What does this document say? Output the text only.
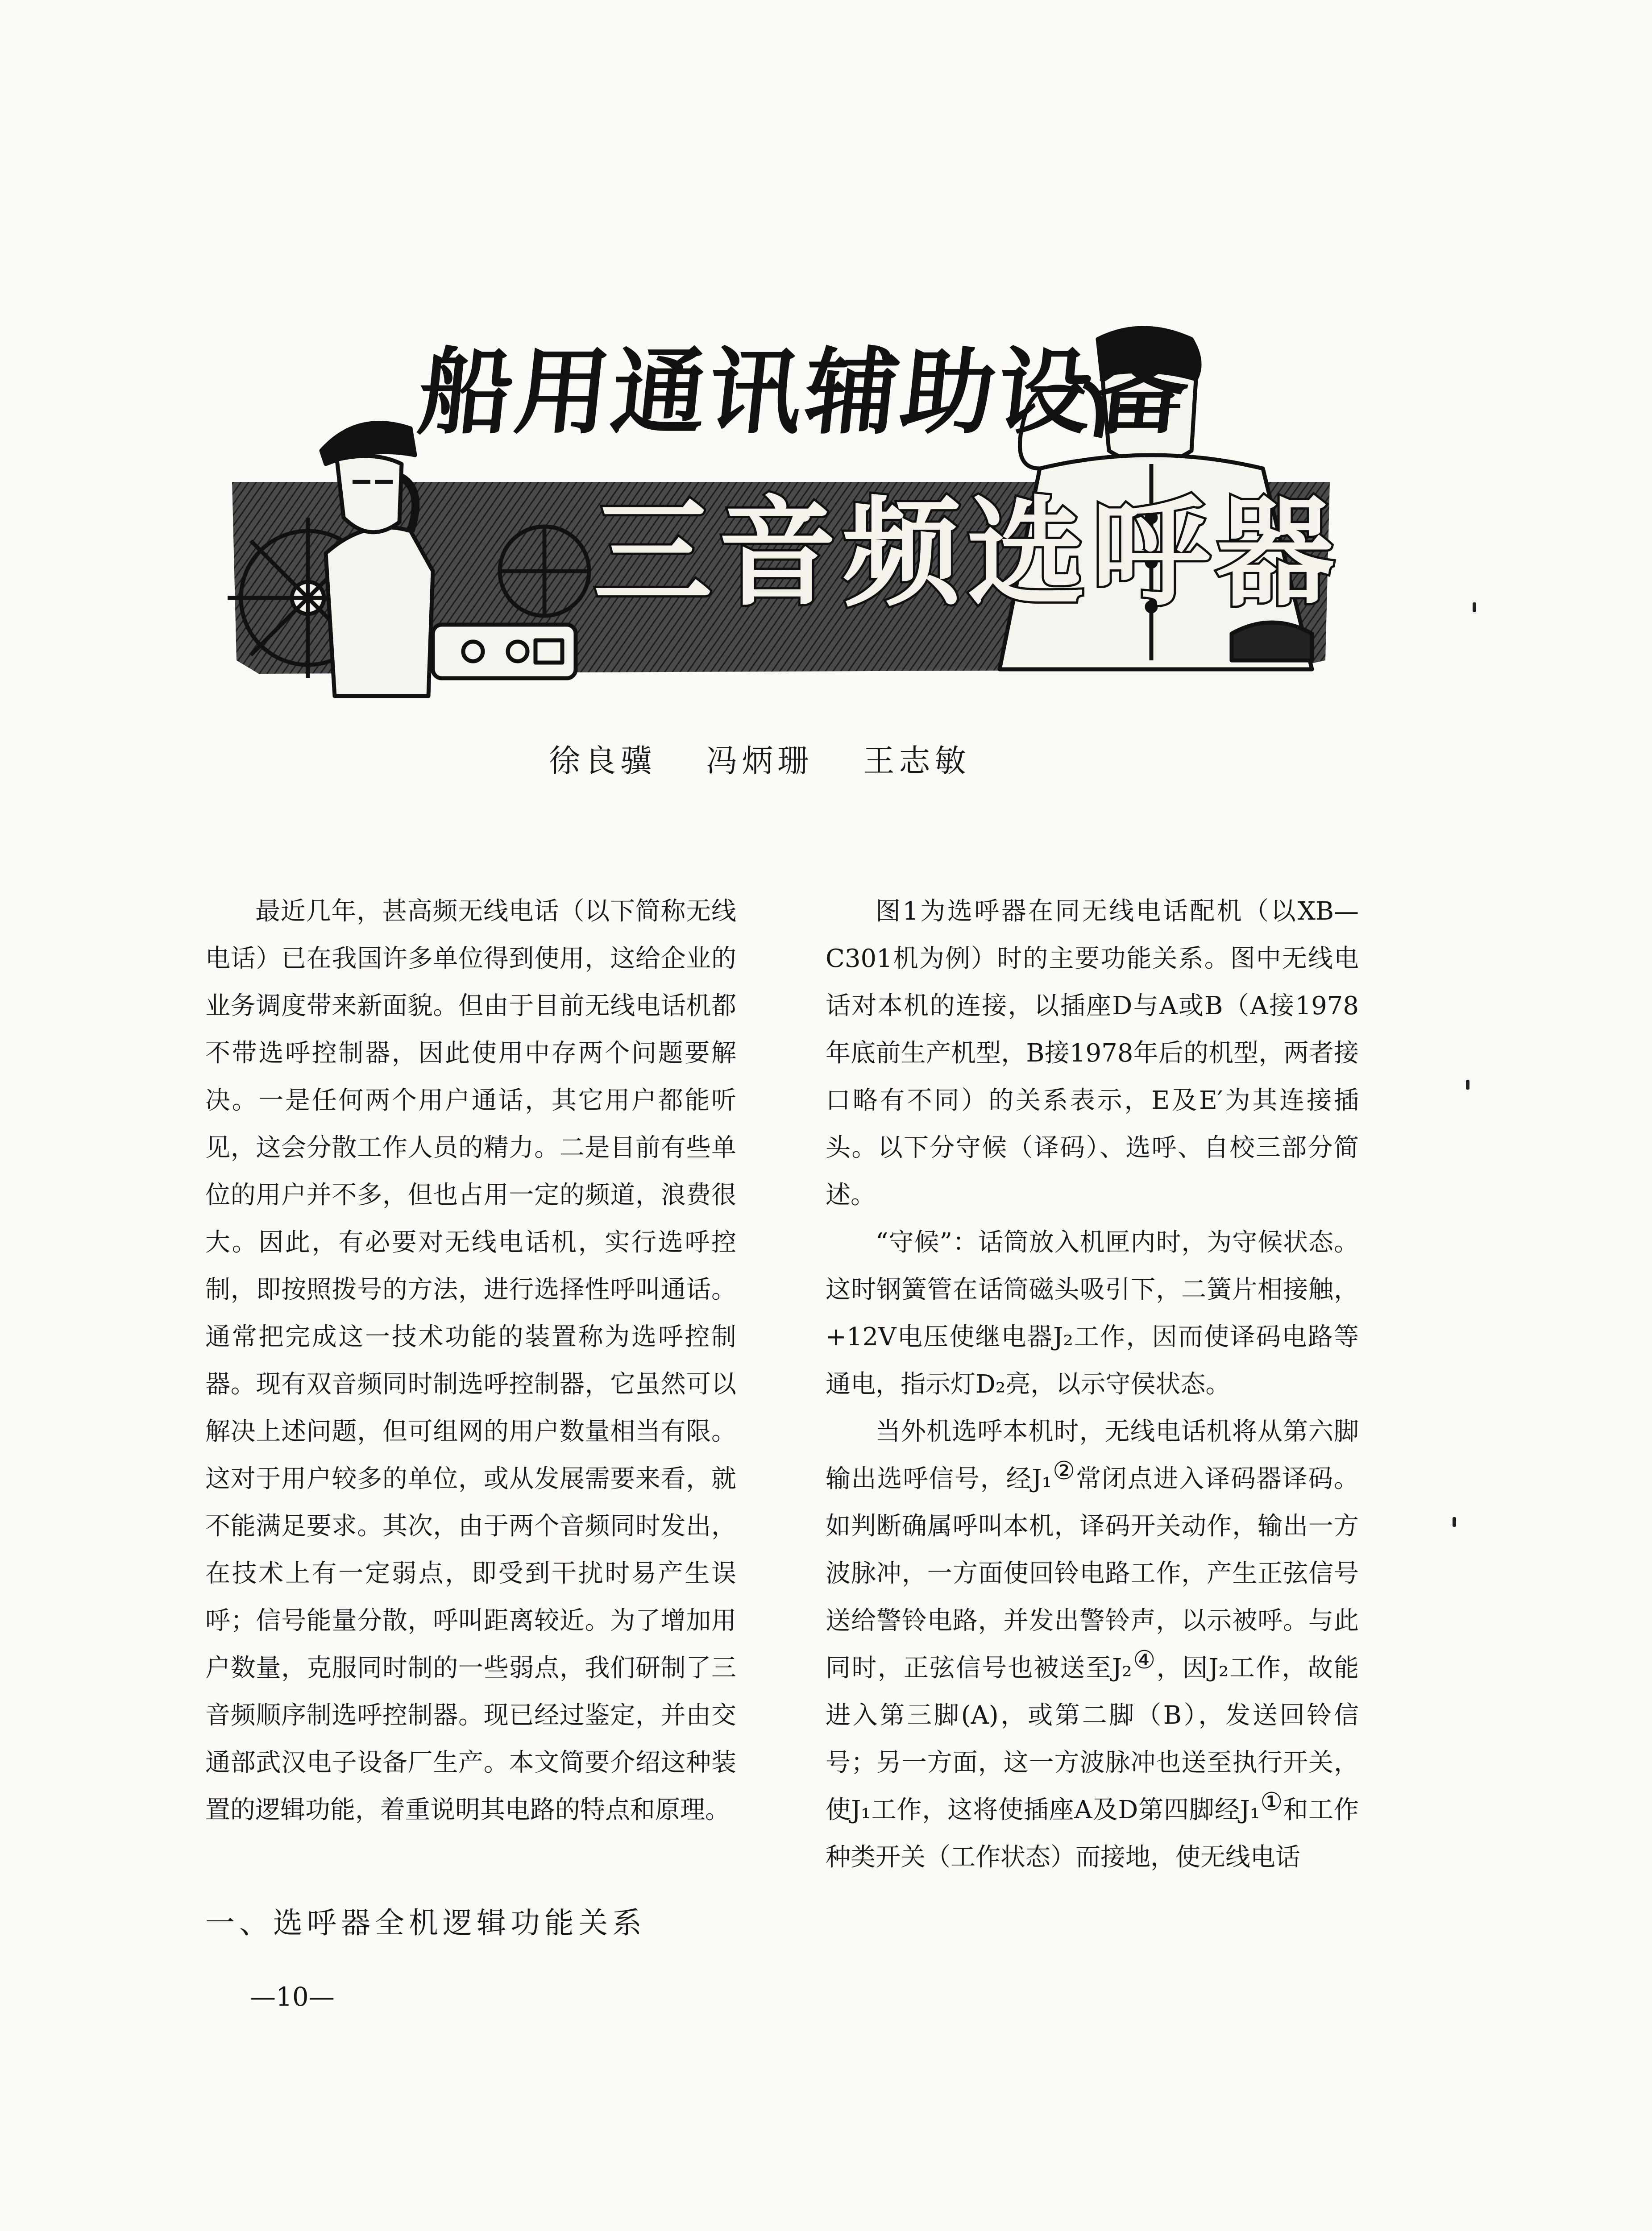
船用通讯辅助设备
三音频选呼器
徐良骥 冯炳珊 王志敏

最近几年，甚高频无线电话（以下简称无线电话）已在我国许多单位得到使用，这给企业的业务调度带来新面貌。但由于目前无线电话机都不带选呼控制器，因此使用中存两个问题要解决。一是任何两个用户通话，其它用户都能听见，这会分散工作人员的精力。二是目前有些单位的用户并不多，但也占用一定的频道，浪费很大。因此，有必要对无线电话机，实行选呼控制，即按照拨号的方法，进行选择性呼叫通话。通常把完成这一技术功能的装置称为选呼控制器。现有双音频同时制选呼控制器，它虽然可以解决上述问题，但可组网的用户数量相当有限。这对于用户较多的单位，或从发展需要来看，就不能满足要求。其次，由于两个音频同时发出，在技术上有一定弱点，即受到干扰时易产生误呼；信号能量分散，呼叫距离较近。为了增加用户数量，克服同时制的一些弱点，我们研制了三音频顺序制选呼控制器。现已经过鉴定，并由交通部武汉电子设备厂生产。本文简要介绍这种装置的逻辑功能，着重说明其电路的特点和原理。

一、选呼器全机逻辑功能关系
—10—

图1为选呼器在同无线电话配机（以XB—C301机为例）时的主要功能关系。图中无线电话对本机的连接，以插座D与A或B（A接1978年底前生产机型，B接1978年后的机型，两者接口略有不同）的关系表示，E及E′为其连接插头。以下分守候（译码）、选呼、自校三部分简述。

“守候”：话筒放入机匣内时，为守候状态。这时钢簧管在话筒磁头吸引下，二簧片相接触，+12V电压使继电器J₂工作，因而使译码电路等通电，指示灯D₂亮，以示守侯状态。

当外机选呼本机时，无线电话机将从第六脚输出选呼信号，经J₁②常闭点进入译码器译码。如判断确属呼叫本机，译码开关动作，输出一方波脉冲，一方面使回铃电路工作，产生正弦信号送给警铃电路，并发出警铃声，以示被呼。与此同时，正弦信号也被送至J₂④，因J₂工作，故能进入第三脚(A)，或第二脚（B），发送回铃信号；另一方面，这一方波脉冲也送至执行开关，使J₁工作，这将使插座A及D第四脚经J₁①和工作种类开关（工作状态）而接地，使无线电话
